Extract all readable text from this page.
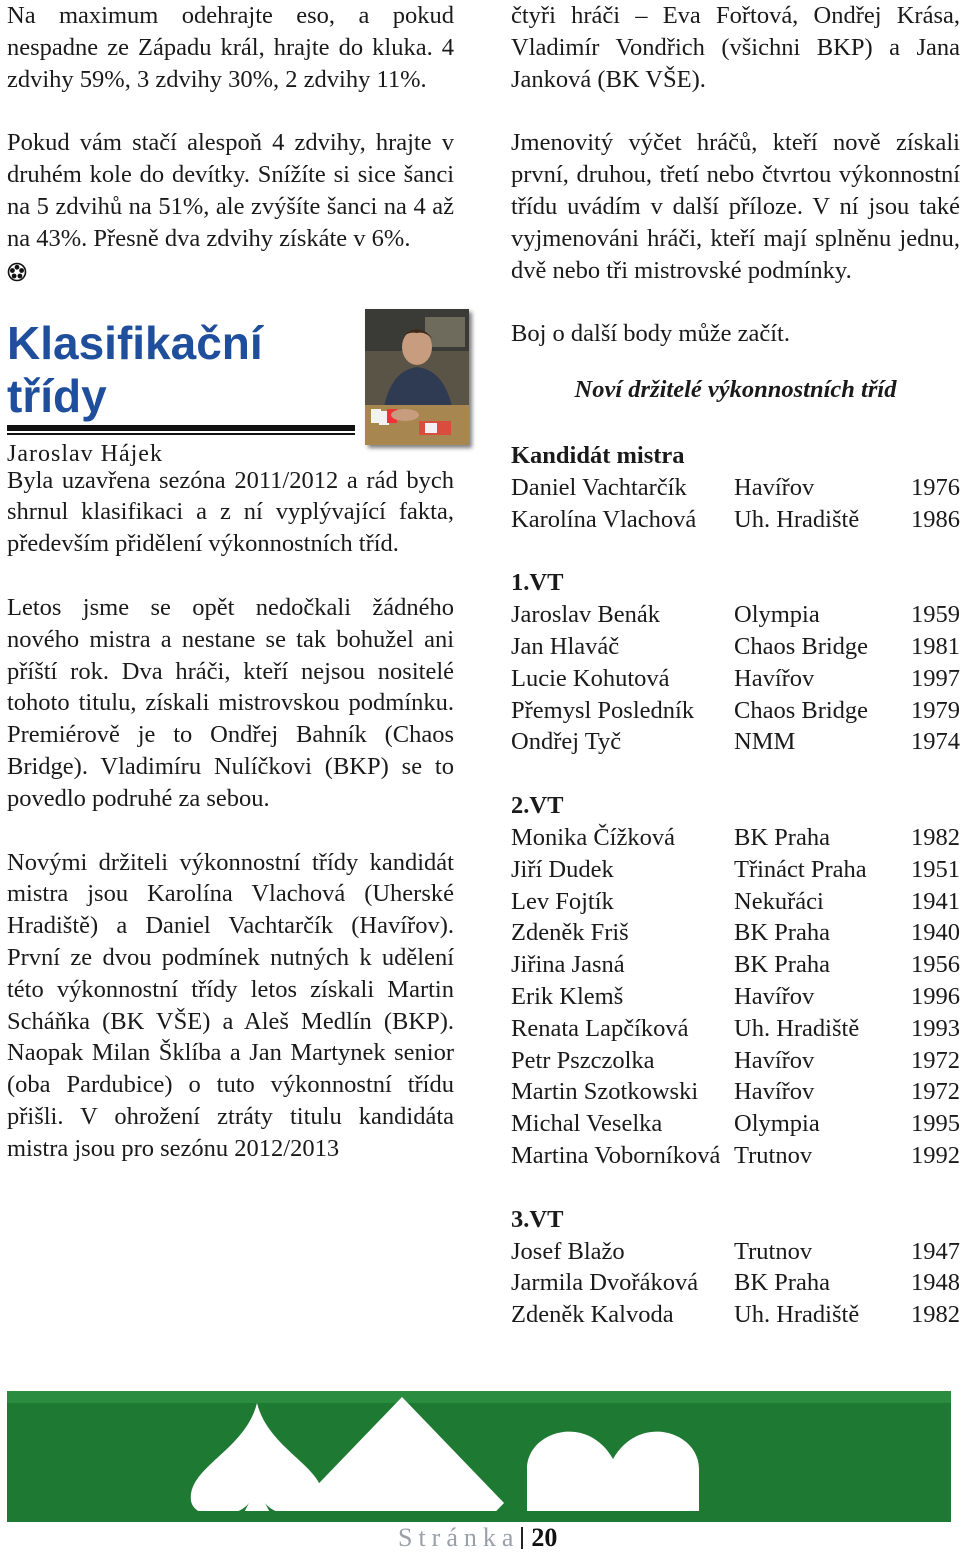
Na maximum odehrajte eso, a pokud nespadne ze Západu král, hrajte do kluka. 4 zdvihy 59%, 3 zdvihy 30%, 2 zdvihy 11%.

Pokud vám stačí alespoň 4 zdvihy, hrajte v druhém kole do devítky. Snížíte si sice šanci na 5 zdvihů na 51%, ale zvýšíte šanci na 4 až na 43%. Přesně dva zdvihy získáte v 6%.

Klasifikační
třídy
Jaroslav Hájek

Byla uzavřena sezóna 2011/2012 a rád bych shrnul klasifikaci a z ní vyplývající fakta, především přidělení výkonnostních tříd.

Letos jsme se opět nedočkali žádného nového mistra a nestane se tak bohužel ani příští rok. Dva hráči, kteří nejsou nositelé tohoto titulu, získali mistrovskou podmínku. Premiérově je to Ondřej Bahník (Chaos Bridge). Vladimíru Nulíčkovi (BKP) se to povedlo podruhé za sebou.

Novými držiteli výkonnostní třídy kandidát mistra jsou Karolína Vlachová (Uherské Hradiště) a Daniel Vachtarčík (Havířov). První ze dvou podmínek nutných k udělení této výkonnostní třídy letos získali Martin Scháňka (BK VŠE) a Aleš Medlín (BKP). Naopak Milan Šklíba a Jan Martynek senior (oba Pardubice) o tuto výkonnostní třídu přišli. V ohrožení ztráty titulu kandidáta mistra jsou pro sezónu 2012/2013

čtyři hráči – Eva Fořtová, Ondřej Krása, Vladimír Vondřich (všichni BKP) a Jana Janková (BK VŠE).

Jmenovitý výčet hráčů, kteří nově získali první, druhou, třetí nebo čtvrtou výkonnostní třídu uvádím v další příloze. V ní jsou také vyjmenováni hráči, kteří mají splněnu jednu, dvě nebo tři mistrovské podmínky.

Boj o další body může začít.

Noví držitelé výkonnostních tříd
Kandidát mistra
Daniel Vachtarčík	Havířov	1976
Karolína Vlachová	Uh. Hradiště	1986
1.VT
Jaroslav Benák	Olympia	1959
Jan Hlaváč	Chaos Bridge	1981
Lucie Kohutová	Havířov	1997
Přemysl Posledník	Chaos Bridge	1979
Ondřej Tyč	NMM	1974
2.VT
Monika Čížková	BK Praha	1982
Jiří Dudek	Třináct Praha	1951
Lev Fojtík	Nekuřáci	1941
Zdeněk Friš	BK Praha	1940
Jiřina Jasná	BK Praha	1956
Erik Klemš	Havířov	1996
Renata Lapčíková	Uh. Hradiště	1993
Petr Pszczolka	Havířov	1972
Martin Szotkowski	Havířov	1972
Michal Veselka	Olympia	1995
Martina Voborníková Trutnov	1992
3.VT
Josef Blažo	Trutnov	1947
Jarmila Dvořáková	BK Praha	1948
Zdeněk Kalvoda	Uh. Hradiště	1982
Stránka 20
